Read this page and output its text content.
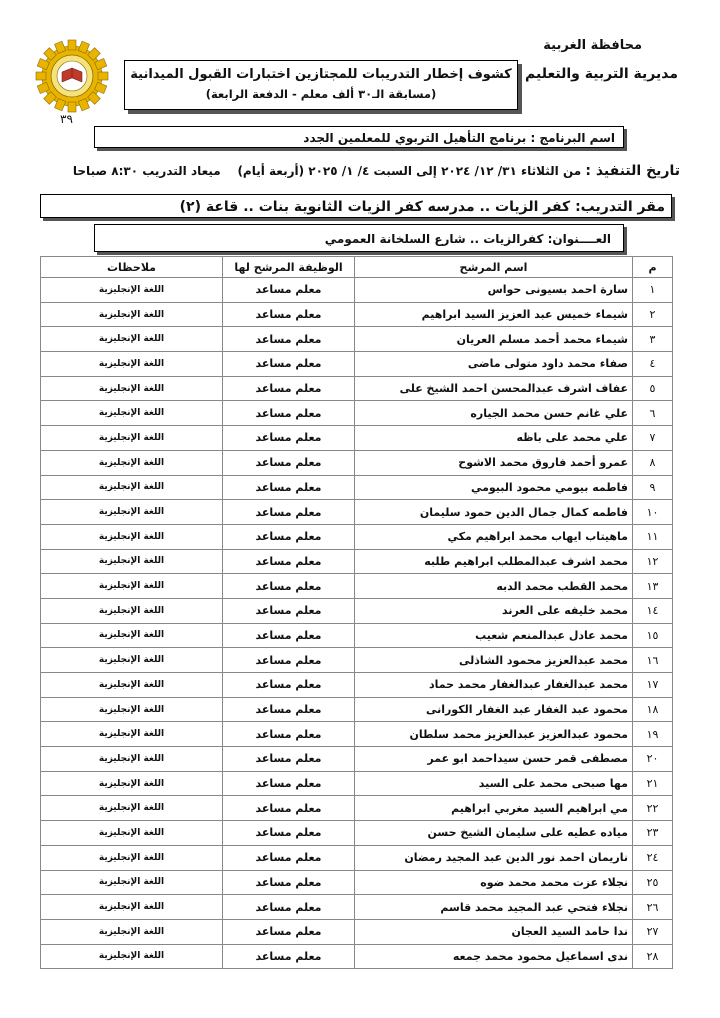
محافظة الغربية
مديرية التربية والتعليم
كشوف إخطار التدريبات للمجتازين اختبارات القبول الميدانية
(مسابقة الـ٣٠ ألف معلم - الدفعة الرابعة)
٣٩
اسم البرنامج : برنامج التأهيل التربوي للمعلمين الجدد
تاريخ التنفيذ : من الثلاثاء ٣١/ ١٢/ ٢٠٢٤ إلى السبت ٤/ ١/ ٢٠٢٥ (أربعة أيام)    ميعاد التدريب ٨:٣٠ صباحا
مقر التدريب: كفر الزيات .. مدرسه كفر الزيات الثانوية بنات .. قاعة (٢)
العــــنوان: كفرالزيات .. شارع السلخانة العمومي
م	اسم المرشح	الوظيفة المرشح لها	ملاحظات
١	سارة احمد بسيونى حواس	معلم مساعد	اللغة الإنجليزية
٢	شيماء خميس عبد العزيز السيد ابراهيم	معلم مساعد	اللغة الإنجليزية
٣	شيماء محمد أحمد مسلم العريان	معلم مساعد	اللغة الإنجليزية
٤	صفاء محمد داود متولى ماضى	معلم مساعد	اللغة الإنجليزية
٥	عفاف اشرف عبدالمحسن احمد الشيخ على	معلم مساعد	اللغة الإنجليزية
٦	علي غانم حسن محمد الجياره	معلم مساعد	اللغة الإنجليزية
٧	علي محمد على باظه	معلم مساعد	اللغة الإنجليزية
٨	عمرو أحمد فاروق محمد الاشوح	معلم مساعد	اللغة الإنجليزية
٩	فاطمه بيومي محمود البيومي	معلم مساعد	اللغة الإنجليزية
١٠	فاطمه كمال جمال الدين حمود سليمان	معلم مساعد	اللغة الإنجليزية
١١	ماهيتاب ايهاب محمد ابراهيم مكي	معلم مساعد	اللغة الإنجليزية
١٢	محمد اشرف عبدالمطلب ابراهيم طلبه	معلم مساعد	اللغة الإنجليزية
١٣	محمد القطب محمد الدبه	معلم مساعد	اللغة الإنجليزية
١٤	محمد خليفه على العرند	معلم مساعد	اللغة الإنجليزية
١٥	محمد عادل عبدالمنعم شعيب	معلم مساعد	اللغة الإنجليزية
١٦	محمد عبدالعزيز محمود الشاذلى	معلم مساعد	اللغة الإنجليزية
١٧	محمد عبدالغفار عبدالغفار محمد حماد	معلم مساعد	اللغة الإنجليزية
١٨	محمود عبد الغفار عبد الغفار الكورانى	معلم مساعد	اللغة الإنجليزية
١٩	محمود عبدالعزيز عبدالعزيز محمد سلطان	معلم مساعد	اللغة الإنجليزية
٢٠	مصطفى قمر حسن سيداحمد ابو عمر	معلم مساعد	اللغة الإنجليزية
٢١	مها صبحى محمد على السيد	معلم مساعد	اللغة الإنجليزية
٢٢	مي ابراهيم السيد مغربي ابراهيم	معلم مساعد	اللغة الإنجليزية
٢٣	مياده عطيه على سليمان الشيخ حسن	معلم مساعد	اللغة الإنجليزية
٢٤	ناريمان احمد نور الدين عبد المجيد رمضان	معلم مساعد	اللغة الإنجليزية
٢٥	نجلاء عزت محمد محمد ضوه	معلم مساعد	اللغة الإنجليزية
٢٦	نجلاء فتحي عبد المجيد محمد قاسم	معلم مساعد	اللغة الإنجليزية
٢٧	ندا حامد السيد العجان	معلم مساعد	اللغة الإنجليزية
٢٨	ندى اسماعيل محمود محمد جمعه	معلم مساعد	اللغة الإنجليزية
